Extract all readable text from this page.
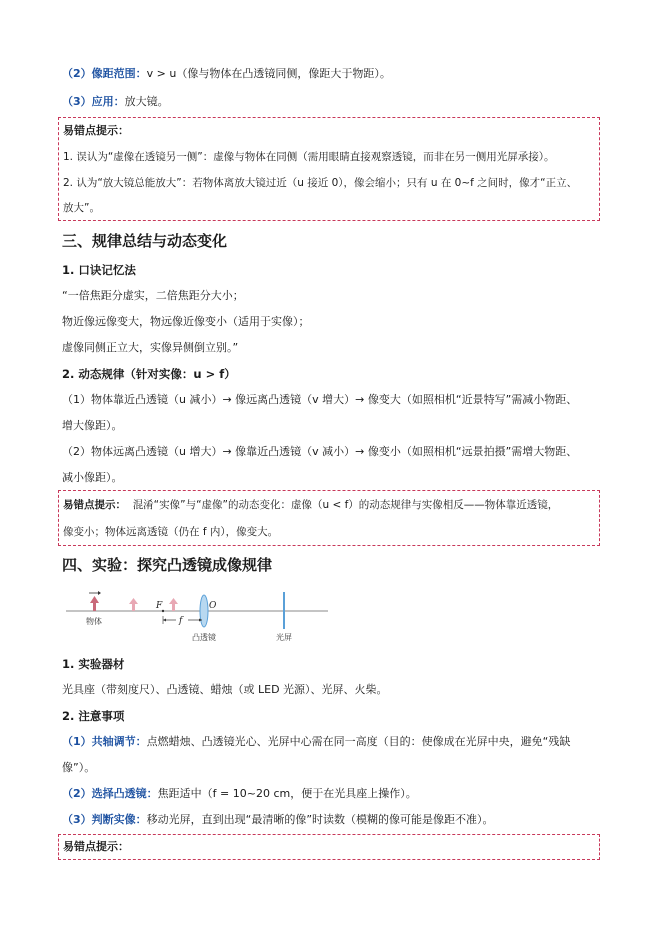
（2）像距范围：v > u（像与物体在凸透镜同侧，像距大于物距）。
（3）应用：放大镜。
易错点提示：
1. 误认为“虚像在透镜另一侧”：虚像与物体在同侧（需用眼睛直接观察透镜，而非在另一侧用光屏承接）。
2. 认为“放大镜总能放大”：若物体离放大镜过近（u 接近 0），像会缩小；只有 u 在 0~f 之间时，像才“正立、
放大”。
三、规律总结与动态变化
1. 口诀记忆法
“一倍焦距分虚实，二倍焦距分大小；
物近像远像变大，物远像近像变小（适用于实像）；
虚像同侧正立大，实像异侧倒立别。”
2. 动态规律（针对实像：u > f）
（1）物体靠近凸透镜（u 减小）→ 像远离凸透镜（v 增大）→ 像变大（如照相机“近景特写”需减小物距、
增大像距）。
（2）物体远离凸透镜（u 增大）→ 像靠近凸透镜（v 减小）→ 像变小（如照相机“远景拍摄”需增大物距、
减小像距）。
易错点提示： 混淆“实像”与“虚像”的动态变化：虚像（u < f）的动态规律与实像相反——物体靠近透镜，
像变小；物体远离透镜（仍在 f 内），像变大。
四、实验：探究凸透镜成像规律
F	O
f
物体
凸透镜	光屏
1. 实验器材
光具座（带刻度尺）、凸透镜、蜡烛（或 LED 光源）、光屏、火柴。
2. 注意事项
（1）共轴调节：点燃蜡烛、凸透镜光心、光屏中心需在同一高度（目的：使像成在光屏中央，避免“残缺
像”）。
（2）选择凸透镜：焦距适中（f = 10~20 cm，便于在光具座上操作）。
（3）判断实像：移动光屏，直到出现“最清晰的像”时读数（模糊的像可能是像距不准）。
易错点提示：
